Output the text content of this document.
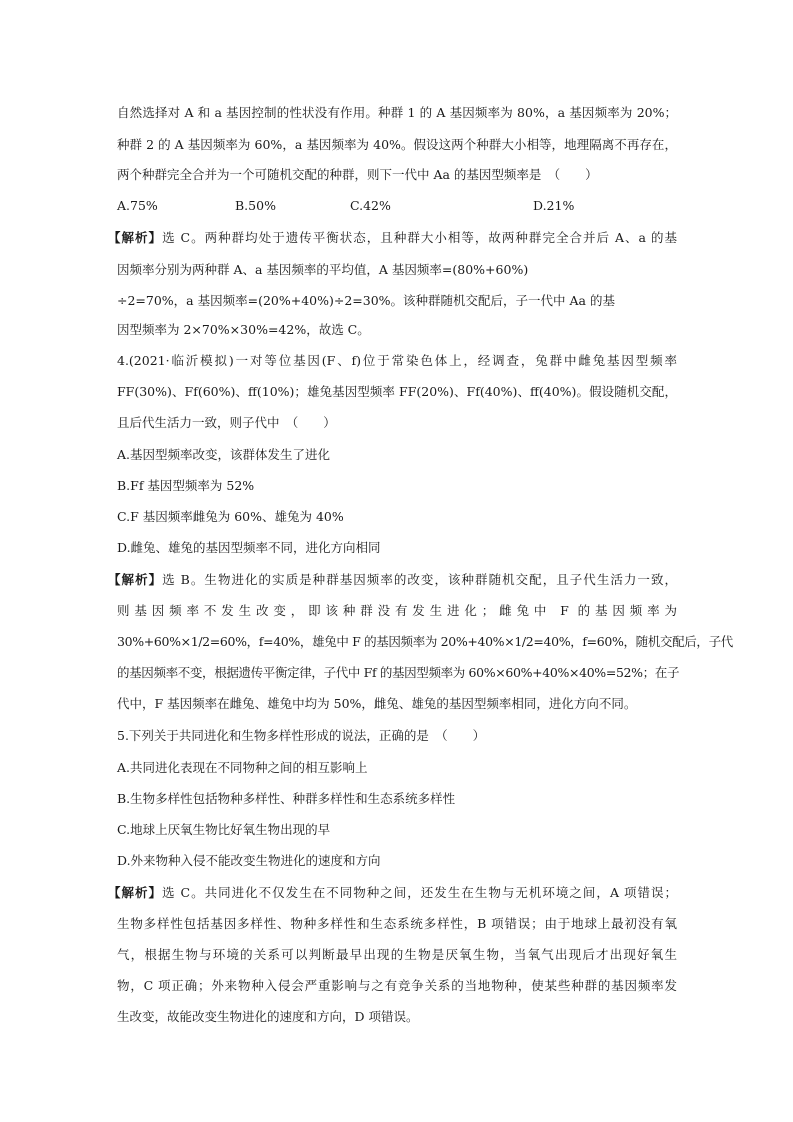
自然选择对 A 和 a 基因控制的性状没有作用。种群 1 的 A 基因频率为 80%，a 基因频率为 20%；
种群 2 的 A 基因频率为 60%，a 基因频率为 40%。假设这两个种群大小相等，地理隔离不再存在，
两个种群完全合并为一个可随机交配的种群，则下一代中 Aa 的基因型频率是　（　　）
A.75%	B.50%	C.42%	D.21%
【解析】选 C。两种群均处于遗传平衡状态，且种群大小相等，故两种群完全合并后 A、a 的基
因频率分别为两种群 A、a 基因频率的平均值，A 基因频率=(80%+60%)
÷2=70%，a 基因频率=(20%+40%)÷2=30%。该种群随机交配后，子一代中 Aa 的基
因型频率为 2×70%×30%=42%，故选 C。
4.(2021·临沂模拟)一对等位基因(F、f)位于常染色体上，经调查，兔群中雌兔基因型频率
FF(30%)、Ff(60%)、ff(10%)；雄兔基因型频率 FF(20%)、Ff(40%)、ff(40%)。假设随机交配，
且后代生活力一致，则子代中　（　　）
A.基因型频率改变，该群体发生了进化
B.Ff 基因型频率为 52%
C.F 基因频率雌兔为 60%、雄兔为 40%
D.雌兔、雄兔的基因型频率不同，进化方向相同
【解析】选 B。生物进化的实质是种群基因频率的改变，该种群随机交配，且子代生活力一致，
则基因频率不发生改变，即该种群没有发生进化；雌兔中 F 的基因频率为
30%+60%×1/2=60%，f=40%，雄兔中 F 的基因频率为 20%+40%×1/2=40%，f=60%，随机交配后，子代
的基因频率不变，根据遗传平衡定律，子代中 Ff 的基因型频率为 60%×60%+40%×40%=52%；在子
代中，F 基因频率在雌兔、雄兔中均为 50%，雌兔、雄兔的基因型频率相同，进化方向不同。
5.下列关于共同进化和生物多样性形成的说法，正确的是　（　　）
A.共同进化表现在不同物种之间的相互影响上
B.生物多样性包括物种多样性、种群多样性和生态系统多样性
C.地球上厌氧生物比好氧生物出现的早
D.外来物种入侵不能改变生物进化的速度和方向
【解析】选 C。共同进化不仅发生在不同物种之间，还发生在生物与无机环境之间，A 项错误；
生物多样性包括基因多样性、物种多样性和生态系统多样性，B 项错误；由于地球上最初没有氧
气，根据生物与环境的关系可以判断最早出现的生物是厌氧生物，当氧气出现后才出现好氧生
物，C 项正确；外来物种入侵会严重影响与之有竞争关系的当地物种，使某些种群的基因频率发
生改变，故能改变生物进化的速度和方向，D 项错误。
